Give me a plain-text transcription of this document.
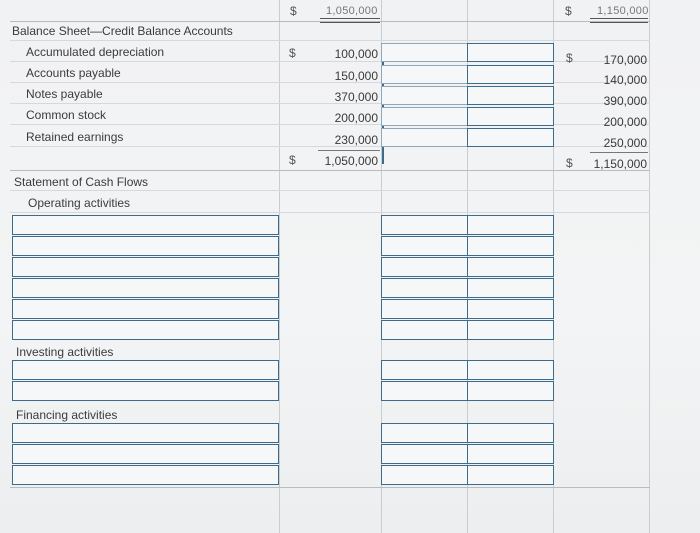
$	1,050,000	$ 1,150,000
Balance Sheet—Credit Balance Accounts
Accumulated depreciation	$	100,000	$	170,000
Accounts payable	150,000	140,000
Notes payable	370,000	390,000
Common stock	200,000	200,000
Retained earnings	230,000	250,000
$	1,050,000	$	1,150,000
Statement of Cash Flows
Operating activities
Investing activities
Financing activities
